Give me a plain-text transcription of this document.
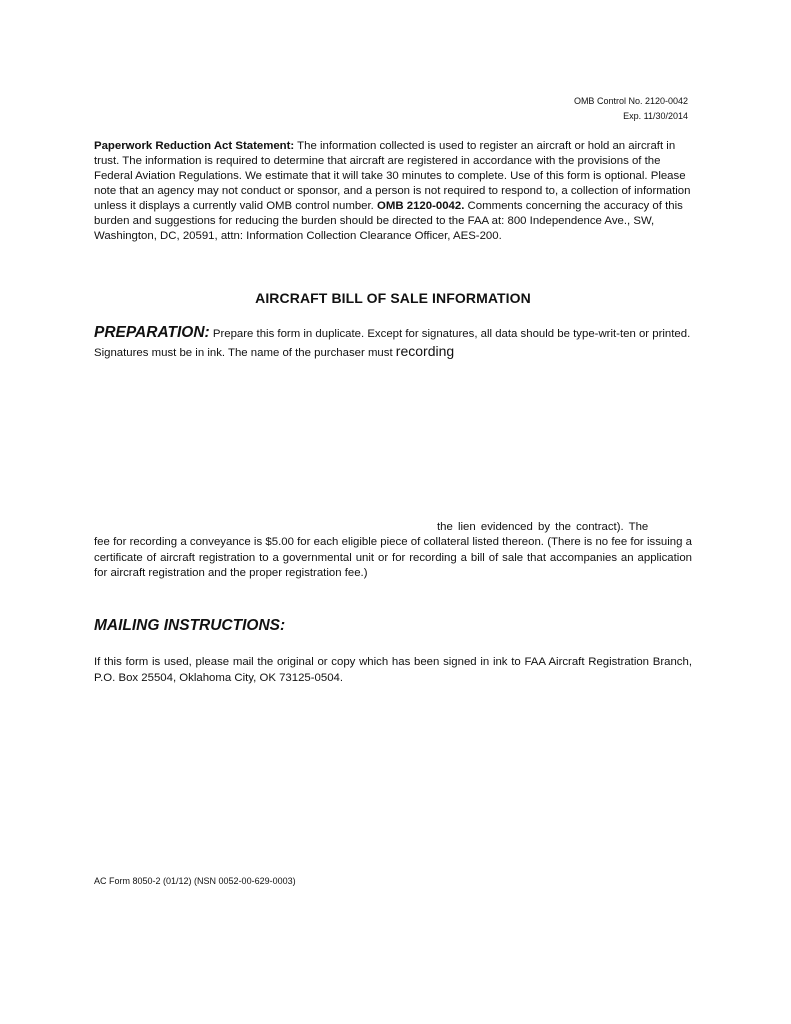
OMB Control No. 2120-0042
Exp. 11/30/2014
Paperwork Reduction Act Statement: The information collected is used to register an aircraft or hold an aircraft in trust. The information is required to determine that aircraft are registered in accordance with the provisions of the Federal Aviation Regulations. We estimate that it will take 30 minutes to complete. Use of this form is optional. Please note that an agency may not conduct or sponsor, and a person is not required to respond to, a collection of information unless it displays a currently valid OMB control number. OMB 2120-0042. Comments concerning the accuracy of this burden and suggestions for reducing the burden should be directed to the FAA at: 800 Independence Ave., SW, Washington, DC, 20591, attn: Information Collection Clearance Officer, AES-200.
AIRCRAFT BILL OF SALE INFORMATION
PREPARATION: Prepare this form in duplicate. Except for signatures, all data should be type-writ-ten or printed. Signatures must be in ink. The name of the purchaser must recording
the lien evidenced by the contract). The
fee for recording a conveyance is $5.00 for each eligible piece of collateral listed thereon. (There is no fee for issuing a certificate of aircraft registration to a governmental unit or for recording a bill of sale that accompanies an application for aircraft registration and the proper registration fee.)
MAILING INSTRUCTIONS:
If this form is used, please mail the original or copy which has been signed in ink to FAA Aircraft Registration Branch, P.O. Box 25504, Oklahoma City, OK 73125-0504.
AC Form 8050-2 (01/12) (NSN 0052-00-629-0003)
